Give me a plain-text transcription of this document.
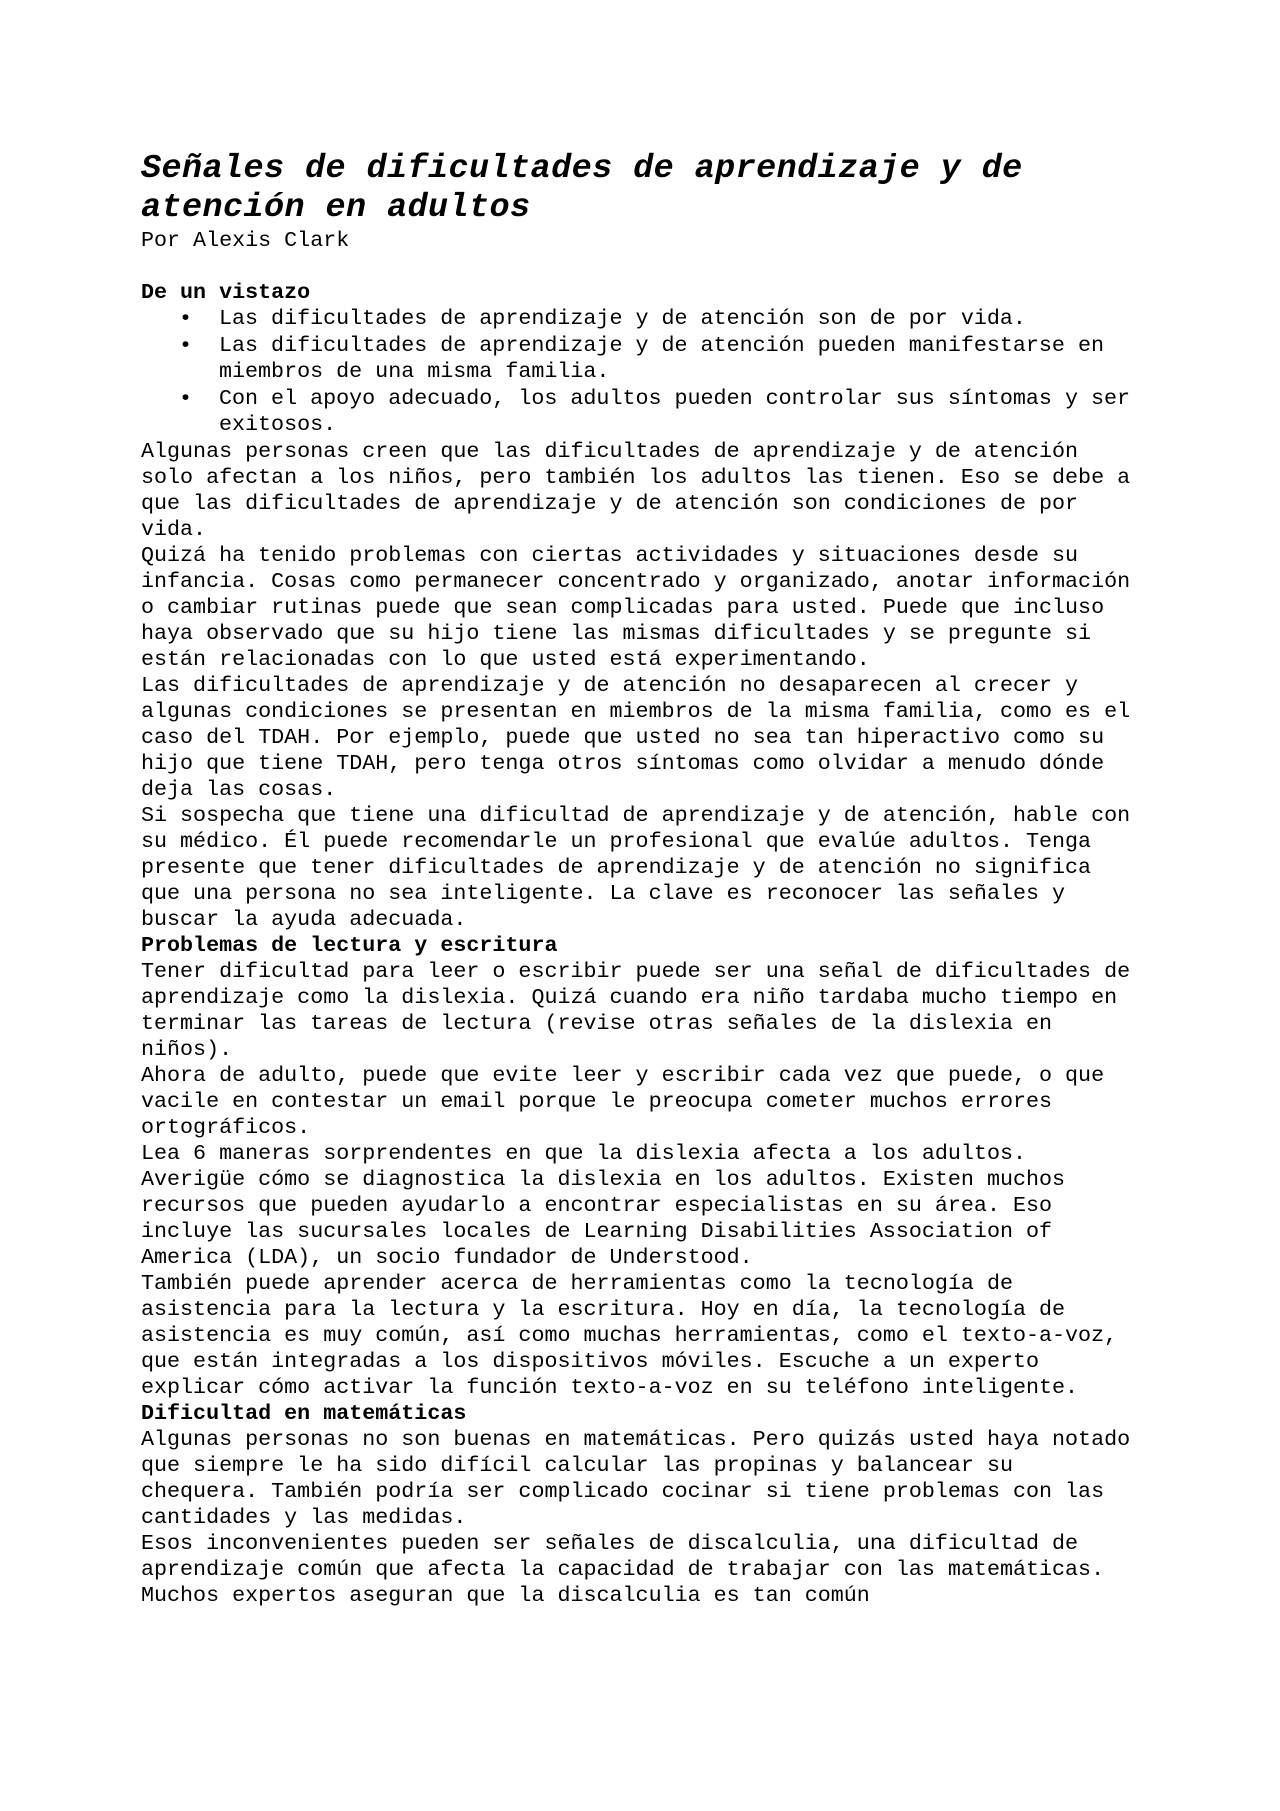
Señales de dificultades de aprendizaje y de atención en adultos
Por Alexis Clark
De un vistazo
• Las dificultades de aprendizaje y de atención son de por vida.
• Las dificultades de aprendizaje y de atención pueden manifestarse en miembros de una misma familia.
• Con el apoyo adecuado, los adultos pueden controlar sus síntomas y ser exitosos.

Algunas personas creen que las dificultades de aprendizaje y de atención solo afectan a los niños, pero también los adultos las tienen. Eso se debe a que las dificultades de aprendizaje y de atención son condiciones de por vida.

Quizá ha tenido problemas con ciertas actividades y situaciones desde su infancia. Cosas como permanecer concentrado y organizado, anotar información o cambiar rutinas puede que sean complicadas para usted. Puede que incluso haya observado que su hijo tiene las mismas dificultades y se pregunte si están relacionadas con lo que usted está experimentando.

Las dificultades de aprendizaje y de atención no desaparecen al crecer y algunas condiciones se presentan en miembros de la misma familia, como es el caso del TDAH. Por ejemplo, puede que usted no sea tan hiperactivo como su hijo que tiene TDAH, pero tenga otros síntomas como olvidar a menudo dónde deja las cosas.

Si sospecha que tiene una dificultad de aprendizaje y de atención, hable con su médico. Él puede recomendarle un profesional que evalúe adultos. Tenga presente que tener dificultades de aprendizaje y de atención no significa que una persona no sea inteligente. La clave es reconocer las señales y buscar la ayuda adecuada.

Problemas de lectura y escritura

Tener dificultad para leer o escribir puede ser una señal de dificultades de aprendizaje como la dislexia. Quizá cuando era niño tardaba mucho tiempo en terminar las tareas de lectura (revise otras señales de la dislexia en niños).

Ahora de adulto, puede que evite leer y escribir cada vez que puede, o que vacile en contestar un email porque le preocupa cometer muchos errores ortográficos.

Lea 6 maneras sorprendentes en que la dislexia afecta a los adultos.

Averigüe cómo se diagnostica la dislexia en los adultos. Existen muchos recursos que pueden ayudarlo a encontrar especialistas en su área. Eso incluye las sucursales locales de Learning Disabilities Association of America (LDA), un socio fundador de Understood.

También puede aprender acerca de herramientas como la tecnología de asistencia para la lectura y la escritura. Hoy en día, la tecnología de asistencia es muy común, así como muchas herramientas, como el texto-a-voz, que están integradas a los dispositivos móviles. Escuche a un experto explicar cómo activar la función texto-a-voz en su teléfono inteligente.

Dificultad en matemáticas

Algunas personas no son buenas en matemáticas. Pero quizás usted haya notado que siempre le ha sido difícil calcular las propinas y balancear su chequera. También podría ser complicado cocinar si tiene problemas con las cantidades y las medidas.

Esos inconvenientes pueden ser señales de discalculia, una dificultad de aprendizaje común que afecta la capacidad de trabajar con las matemáticas. Muchos expertos aseguran que la discalculia es tan común
